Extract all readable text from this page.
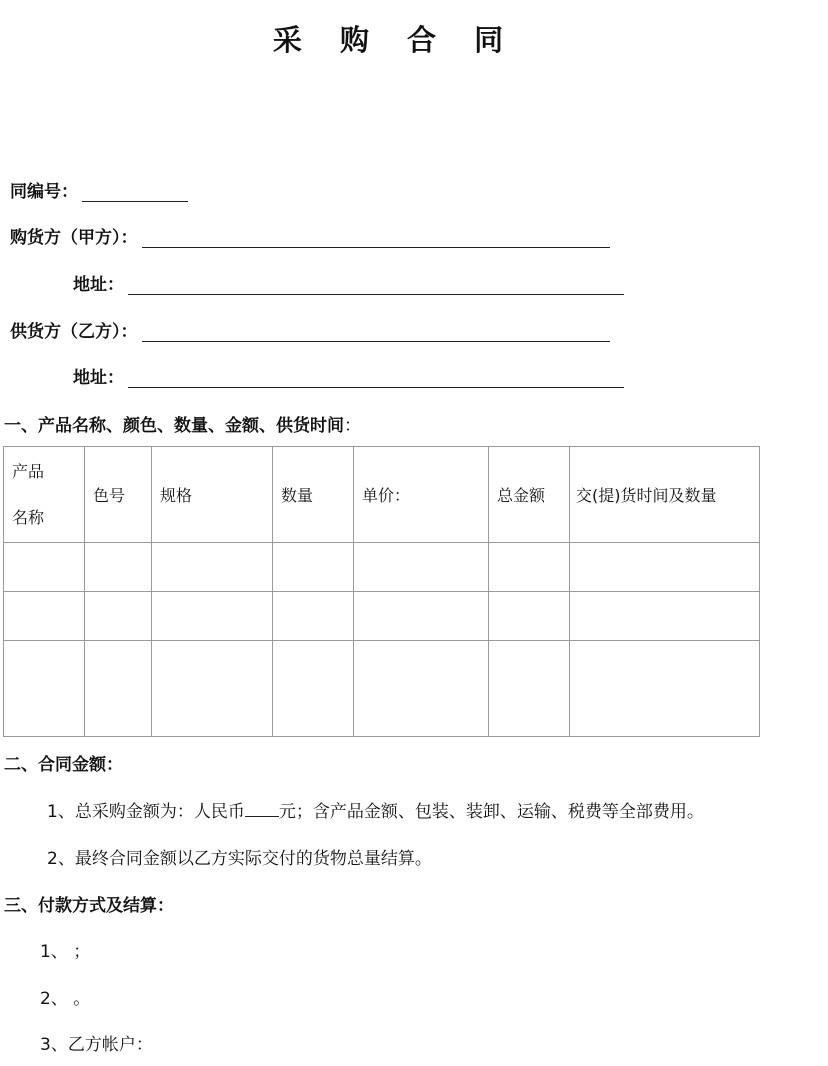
采 购 合 同
同编号：
购货方（甲方）：
地址：
供货方（乙方）：
地址：
一、产品名称、颜色、数量、金额、供货时间：
产品
名称	色号	规格	数量	单价：	总金额	交(提)货时间及数量

二、合同金额：
1、总采购金额为：人民币 元；含产品金额、包装、装卸、运输、税费等全部费用。
2、最终合同金额以乙方实际交付的货物总量结算。
三、付款方式及结算：
1、 ；
2、 。
3、乙方帐户：
